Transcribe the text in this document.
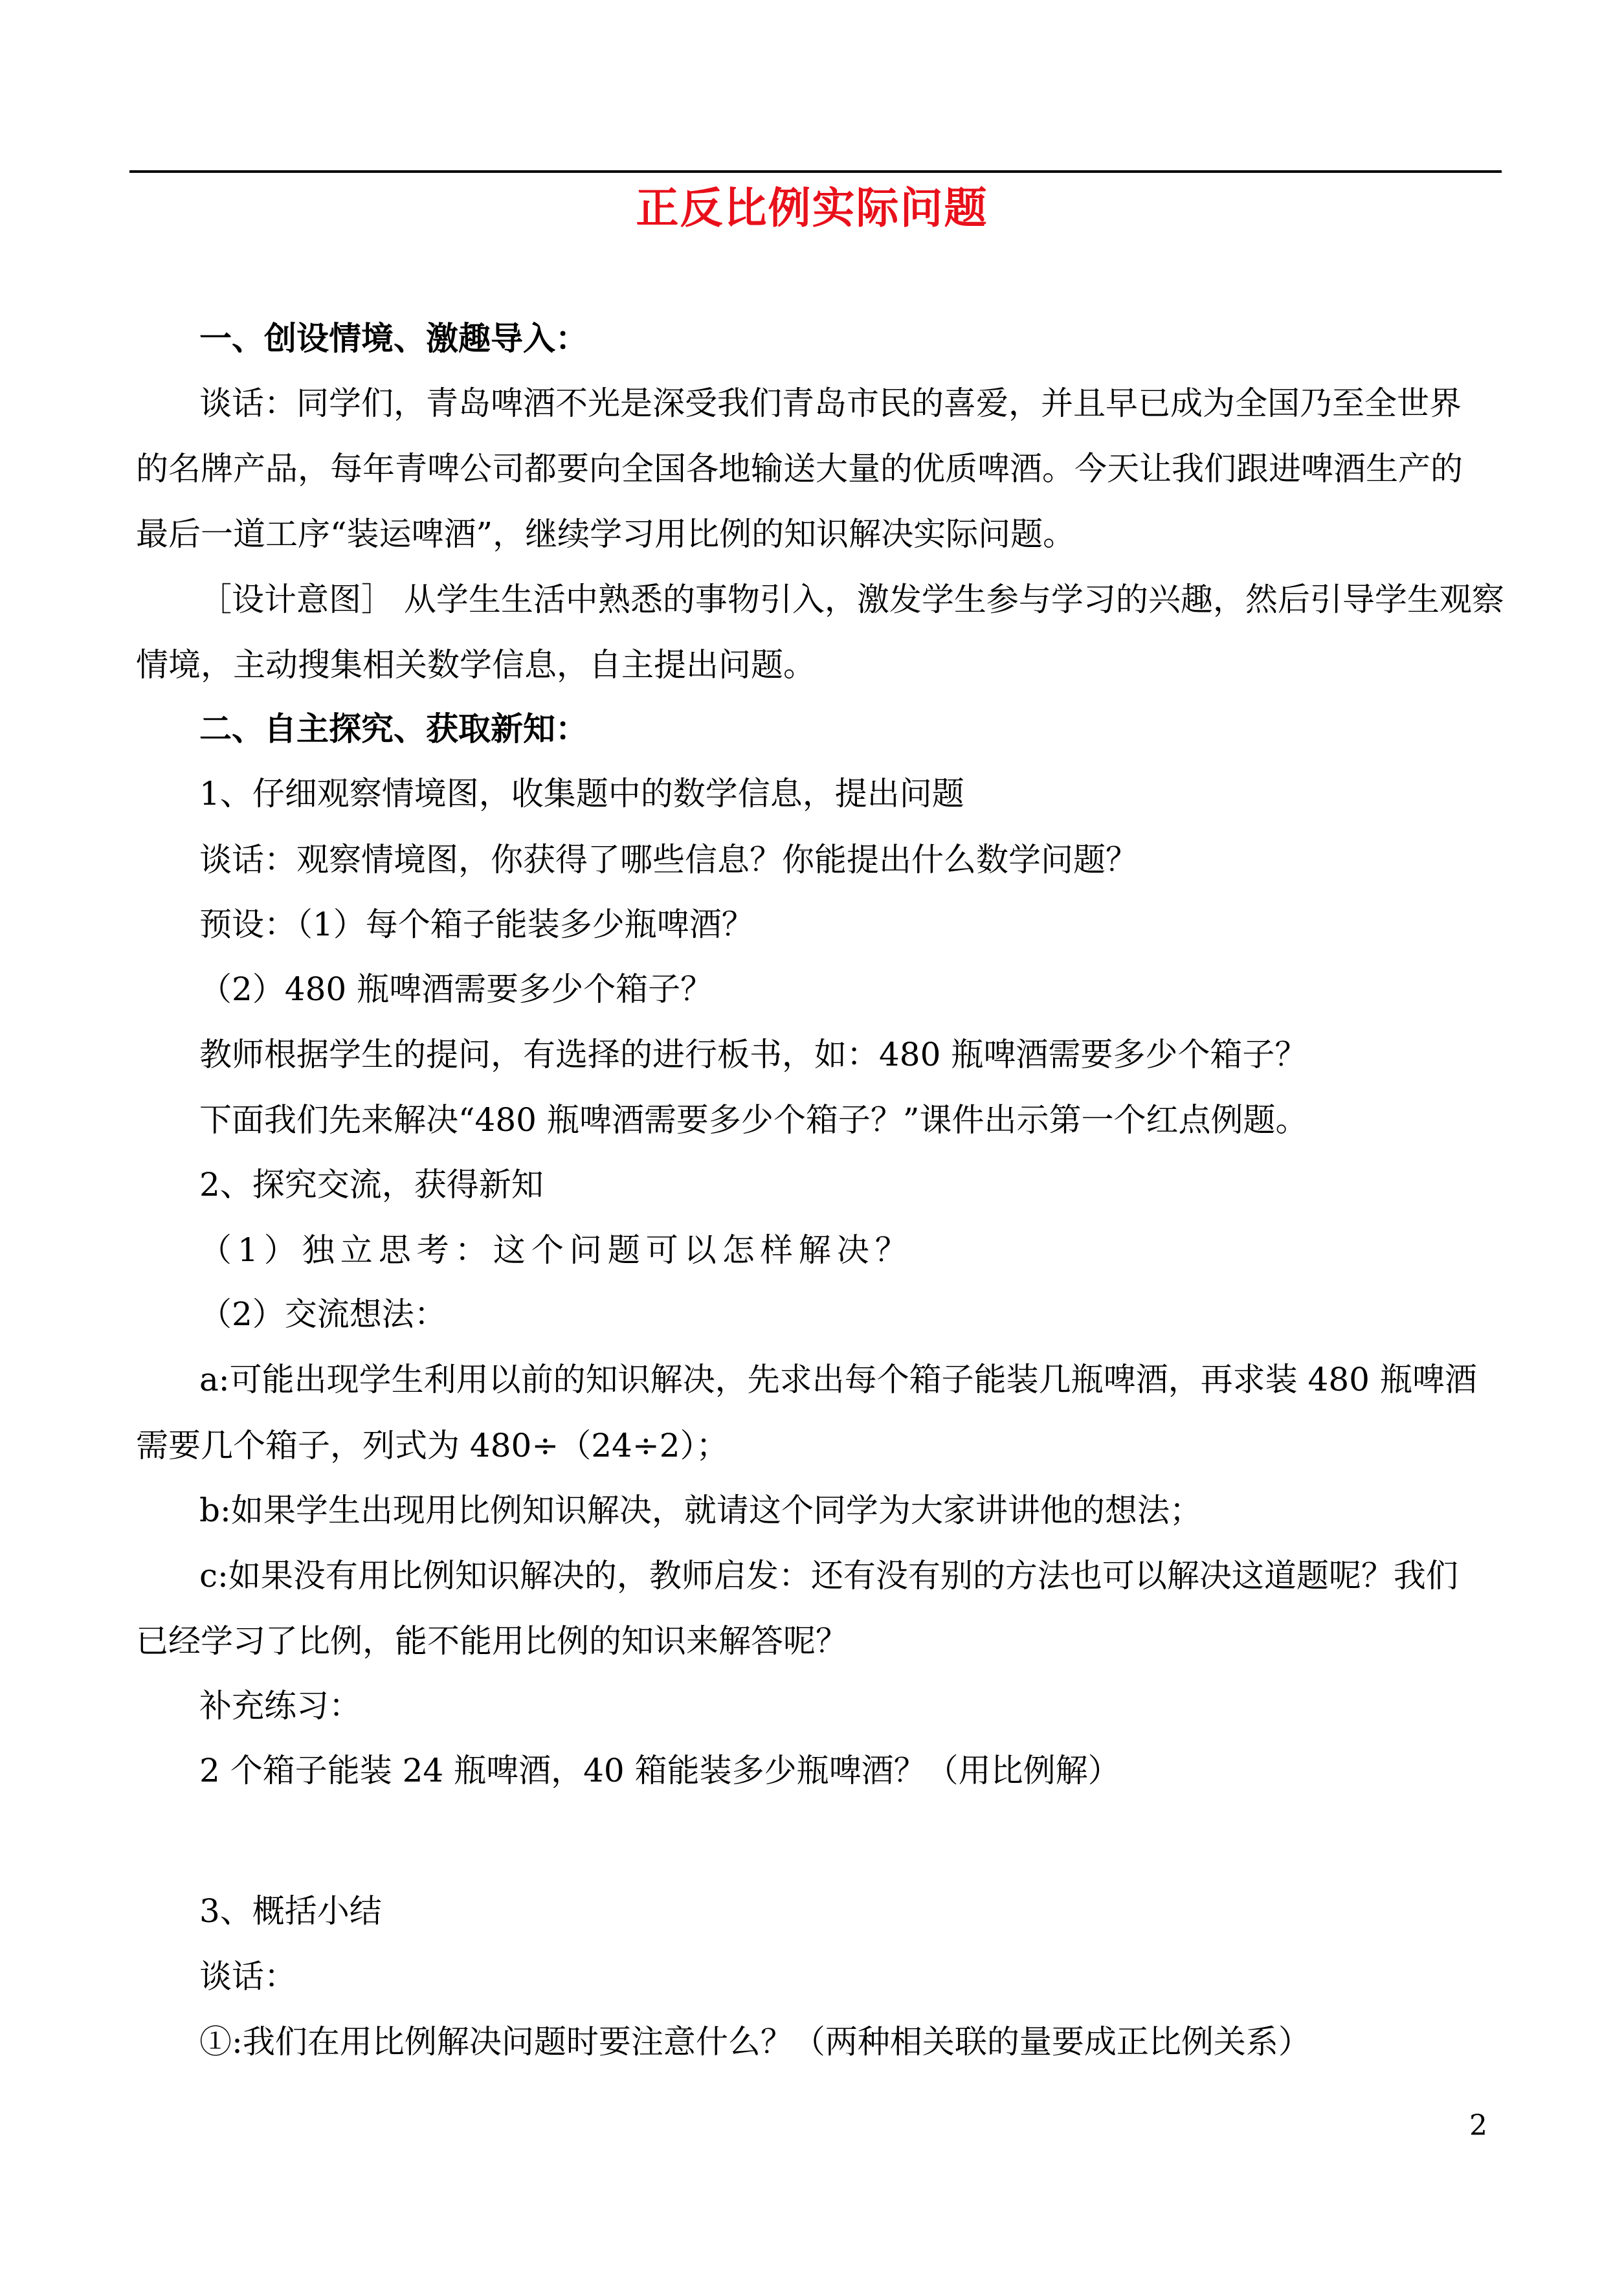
正反比例实际问题
一、创设情境、激趣导入：
谈话：同学们，青岛啤酒不光是深受我们青岛市民的喜爱，并且早已成为全国乃至全世界
的名牌产品，每年青啤公司都要向全国各地输送大量的优质啤酒。今天让我们跟进啤酒生产的
最后一道工序“装运啤酒”，继续学习用比例的知识解决实际问题。
［设计意图］ 从学生生活中熟悉的事物引入，激发学生参与学习的兴趣，然后引导学生观察
情境，主动搜集相关数学信息，自主提出问题。
二、自主探究、获取新知：
1、仔细观察情境图，收集题中的数学信息，提出问题
谈话：观察情境图，你获得了哪些信息？你能提出什么数学问题？
预设：（1）每个箱子能装多少瓶啤酒？
（2）480 瓶啤酒需要多少个箱子？
教师根据学生的提问，有选择的进行板书，如：480 瓶啤酒需要多少个箱子？
下面我们先来解决“480 瓶啤酒需要多少个箱子？”课件出示第一个红点例题。
2、探究交流，获得新知
（1）独立思考：这个问题可以怎样解决？
（2）交流想法：
a:可能出现学生利用以前的知识解决，先求出每个箱子能装几瓶啤酒，再求装 480 瓶啤酒
需要几个箱子，列式为 480÷（24÷2）；
b:如果学生出现用比例知识解决，就请这个同学为大家讲讲他的想法；
c:如果没有用比例知识解决的，教师启发：还有没有别的方法也可以解决这道题呢？我们
已经学习了比例，能不能用比例的知识来解答呢？
补充练习：
2 个箱子能装 24 瓶啤酒，40 箱能装多少瓶啤酒？（用比例解）
3、概括小结
谈话：
①:我们在用比例解决问题时要注意什么？（两种相关联的量要成正比例关系）
2
